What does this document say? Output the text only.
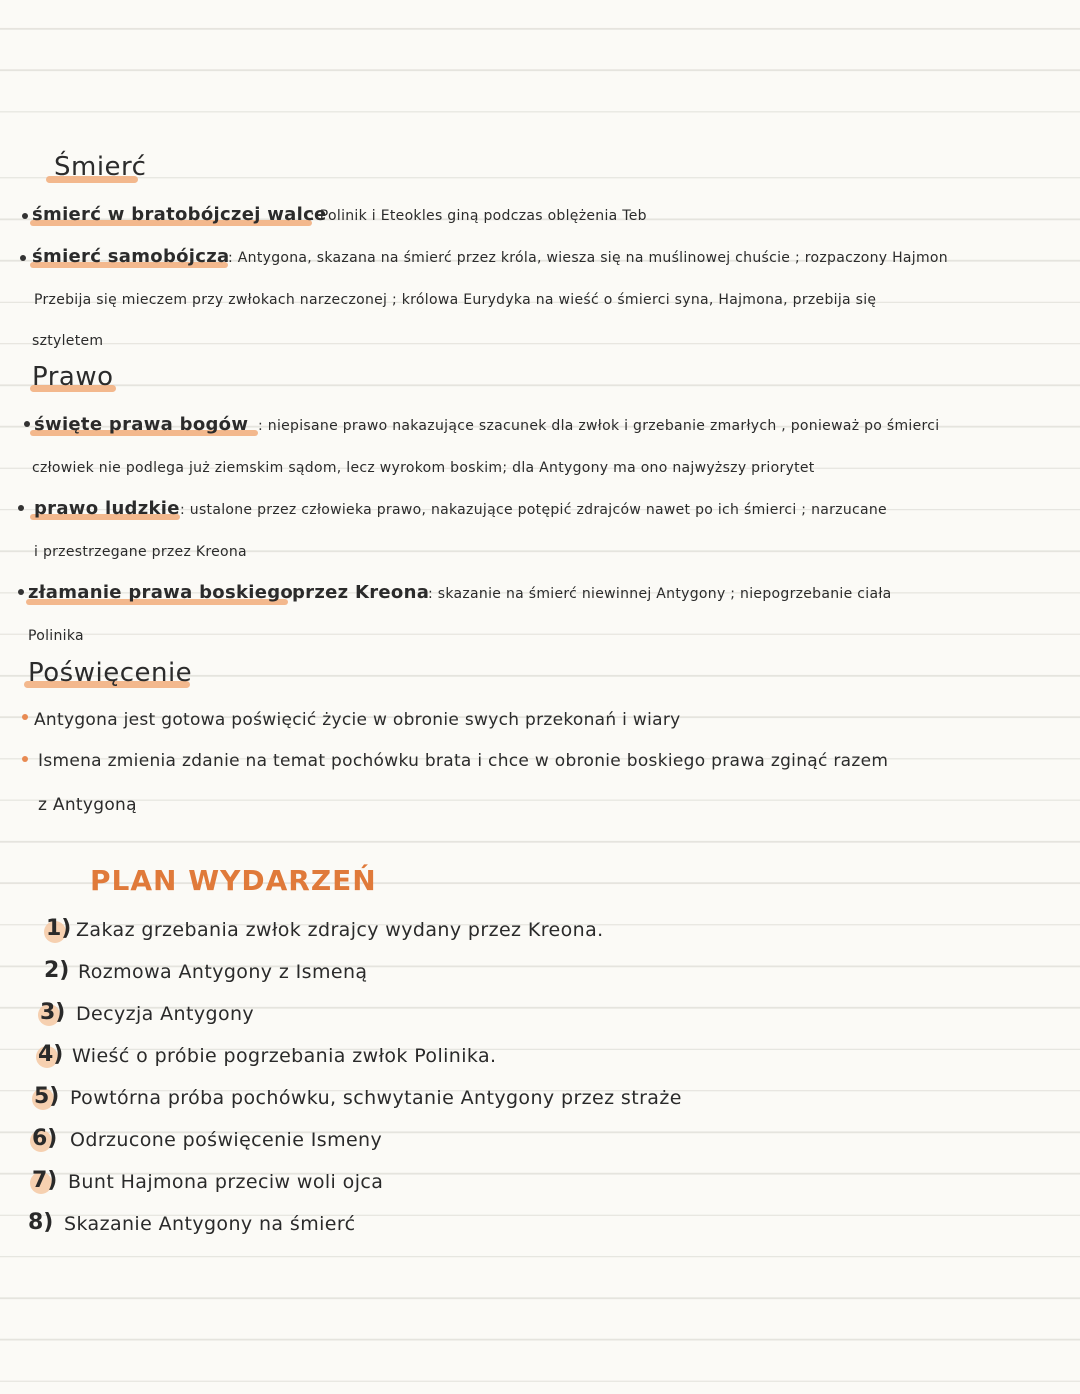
Śmierć
śmierć w bratobójczej walce
: Polinik i Eteokles giną podczas oblężenia Teb
śmierć samobójcza
: Antygona, skazana na śmierć przez króla, wiesza się na muślinowej chuście ; rozpaczony Hajmon
Przebija się mieczem przy zwłokach narzeczonej ; królowa Eurydyka na wieść o śmierci syna, Hajmona, przebija się
sztyletem
Prawo
święte prawa bogów : niepisane prawo nakazujące szacunek dla zwłok i grzebanie zmarłych , ponieważ po śmierci
człowiek nie podlega już ziemskim sądom, lecz wyrokom boskim; dla Antygony ma ono najwyższy priorytet
prawo ludzkie : ustalone przez człowieka prawo, nakazujące potępić zdrajców nawet po ich śmierci ; narzucane
i przestrzegane przez Kreona
złamanie prawa boskiego
przez Kreona
: skazanie na śmierć niewinnej Antygony ; niepogrzebanie ciała
Polinika
Poświęcenie
Antygona jest gotowa poświęcić życie w obronie swych przekonań i wiary
Ismena zmienia zdanie na temat pochówku brata i chce w obronie boskiego prawa zginąć razem
z Antygoną
PLAN WYDARZEŃ
1) Zakaz grzebania zwłok zdrajcy wydany przez Kreona.
2) Rozmowa Antygony z Ismeną
3) Decyzja Antygony
4) Wieść o próbie pogrzebania zwłok Polinika.
5) Powtórna próba pochówku, schwytanie Antygony przez straże
6) Odrzucone poświęcenie Ismeny
7) Bunt Hajmona przeciw woli ojca
8) Skazanie Antygony na śmierć
